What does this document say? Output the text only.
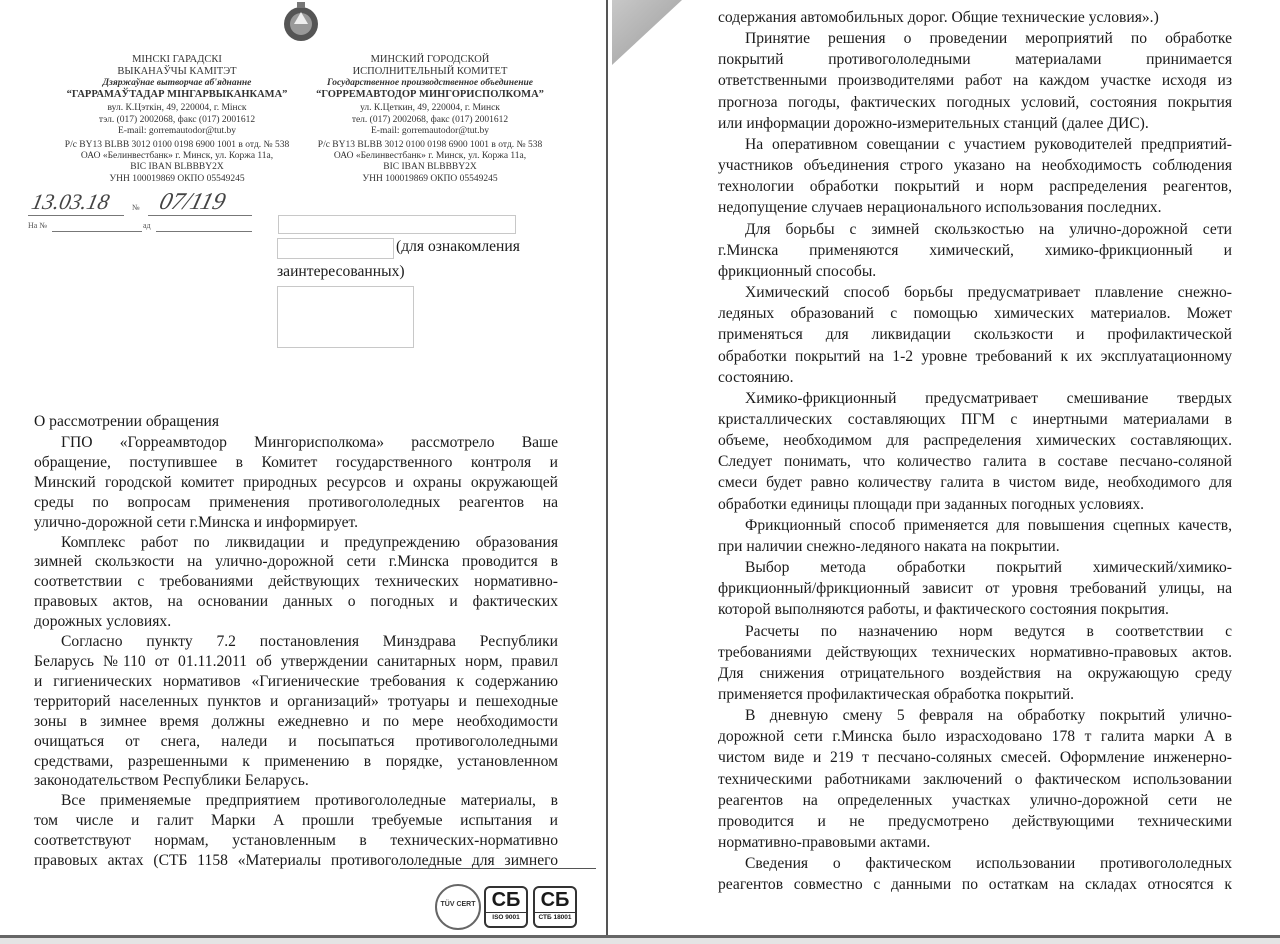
МІНСКІ ГАРАДСКІ
ВЫКАНАЎЧЫ КАМІТЭТ
Дзяржаўнае вытворчае аб'яднанне
“ГАРРАМАЎТАДАР МІНГАРВЫКАНКАМА”
вул. К.Цэткін, 49, 220004, г. Мінск
тэл. (017) 2002068, факс (017) 2001612
E-mail: gorremautodor@tut.by
Р/с BY13 BLBB 3012 0100 0198 6900 1001 в отд. № 538
ОАО «Белинвестбанк» г. Минск, ул. Коржа 11а,
BIC IBAN BLBBBY2X
УНН 100019869 ОКПО 05549245
МИНСКИЙ ГОРОДСКОЙ
ИСПОЛНИТЕЛЬНЫЙ КОМИТЕТ
Государственное производственное объединение
“ГОРРЕМАВТОДОР МИНГОРИСПОЛКОМА”
ул. К.Цеткин, 49, 220004, г. Минск
тел. (017) 2002068, факс (017) 2001612
E-mail: gorremautodor@tut.by
Р/с BY13 BLBB 3012 0100 0198 6900 1001 в отд. № 538
ОАО «Белинвестбанк» г. Минск, ул. Коржа 11а,
BIC IBAN BLBBBY2X
УНН 100019869 ОКПО 05549245
13.03.18	№ 07/119
На №	ад
(для ознакомления
заинтересованных)
О рассмотрении обращения
ГПО «Горреамвтодор Мингорисполкома» рассмотрело Ваше
обращение, поступившее в Комитет государственного контроля и
Минский городской комитет природных ресурсов и охраны окружающей
среды по вопросам применения противогололедных реагентов на
улично-дорожной сети г.Минска и информирует.
Комплекс работ по ликвидации и предупреждению образования
зимней скользкости на улично-дорожной сети г.Минска проводится в
соответствии с требованиями действующих технических нормативно-
правовых актов, на основании данных о погодных и фактических
дорожных условиях.
Согласно пункту 7.2 постановления Минздрава Республики
Беларусь №110 от 01.11.2011 об утверждении санитарных норм, правил
и гигиенических нормативов «Гигиенические требования к содержанию
территорий населенных пунктов и организаций» тротуары и пешеходные
зоны в зимнее время должны ежедневно и по мере необходимости
очищаться от снега, наледи и посыпаться противогололедными
средствами, разрешенными к применению в порядке, установленном
законодательством Республики Беларусь.
Все применяемые предприятием противогололедные материалы, в
том числе и галит Марки А прошли требуемые испытания и
соответствуют нормам, установленным в технических-нормативно
правовых актах (СТБ 1158 «Материалы противогололедные для зимнего
TÜV CERT СБ
ISO 9001
СБ
СТБ 18001
содержания автомобильных дорог. Общие технические условия».)
Принятие решения о проведении мероприятий по обработке
покрытий противогололедными материалами принимается
ответственными производителями работ на каждом участке исходя из
прогноза погоды, фактических погодных условий, состояния покрытия
или информации дорожно-измерительных станций (далее ДИС).
На оперативном совещании с участием руководителей предприятий-
участников объединения строго указано на необходимость соблюдения
технологии обработки покрытий и норм распределения реагентов,
недопущение случаев нерационального использования последних.
Для борьбы с зимней скользкостью на улично-дорожной сети
г.Минска применяются химический, химико-фрикционный и
фрикционный способы.
Химический способ борьбы предусматривает плавление снежно-
ледяных образований с помощью химических материалов. Может
применяться для ликвидации скользкости и профилактической
обработки покрытий на 1-2 уровне требований к их эксплуатационному
состоянию.
Химико-фрикционный предусматривает смешивание твердых
кристаллических составляющих ПГМ с инертными материалами в
объеме, необходимом для распределения химических составляющих.
Следует понимать, что количество галита в составе песчано-соляной
смеси будет равно количеству галита в чистом виде, необходимого для
обработки единицы площади при заданных погодных условиях.
Фрикционный способ применяется для повышения сцепных качеств,
при наличии снежно-ледяного наката на покрытии.
Выбор метода обработки покрытий химический/химико-
фрикционный/фрикционный зависит от уровня требований улицы, на
которой выполняются работы, и фактического состояния покрытия.
Расчеты по назначению норм ведутся в соответствии с
требованиями действующих технических нормативно-правовых актов.
Для снижения отрицательного воздействия на окружающую среду
применяется профилактическая обработка покрытий.
В дневную смену 5 февраля на обработку покрытий улично-
дорожной сети г.Минска было израсходовано 178 т галита марки А в
чистом виде и 219 т песчано-соляных смесей. Оформление инженерно-
техническими работниками заключений о фактическом использовании
реагентов на определенных участках улично-дорожной сети не
проводится и не предусмотрено действующими техническими
нормативно-правовыми актами.
Сведения о фактическом использовании противогололедных
реагентов совместно с данными по остаткам на складах относятся к
